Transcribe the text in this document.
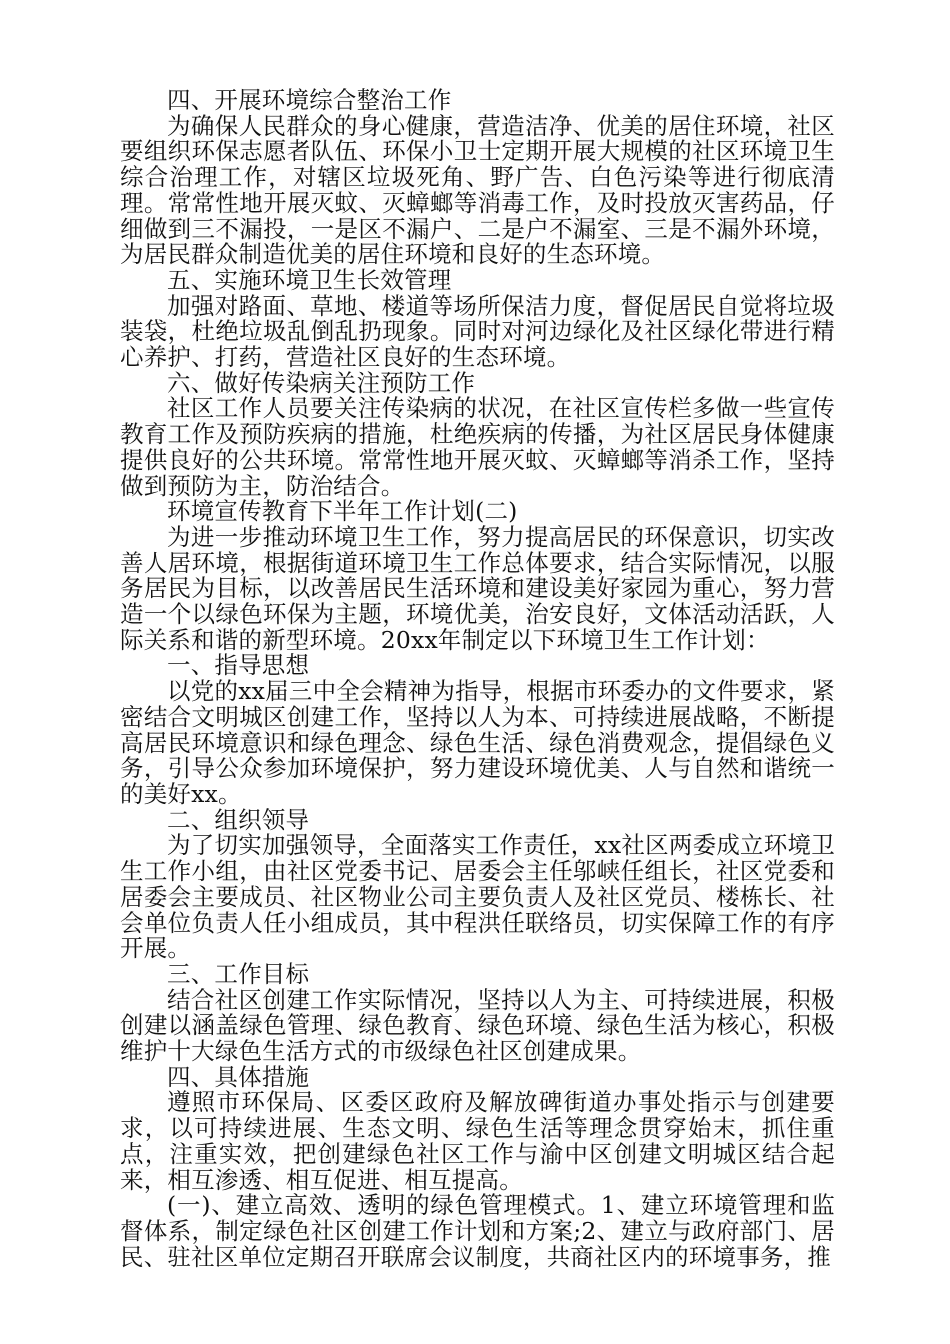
四、开展环境综合整治工作

为确保人民群众的身心健康，营造洁净、优美的居住环境，社区要组织环保志愿者队伍、环保小卫士定期开展大规模的社区环境卫生综合治理工作，对辖区垃圾死角、野广告、白色污染等进行彻底清理。常常性地开展灭蚊、灭蟑螂等消毒工作，及时投放灭害药品，仔细做到三不漏投，一是区不漏户、二是户不漏室、三是不漏外环境，为居民群众制造优美的居住环境和良好的生态环境。

五、实施环境卫生长效管理

加强对路面、草地、楼道等场所保洁力度，督促居民自觉将垃圾装袋，杜绝垃圾乱倒乱扔现象。同时对河边绿化及社区绿化带进行精心养护、打药，营造社区良好的生态环境。

六、做好传染病关注预防工作

社区工作人员要关注传染病的状况，在社区宣传栏多做一些宣传教育工作及预防疾病的措施，杜绝疾病的传播，为社区居民身体健康提供良好的公共环境。常常性地开展灭蚊、灭蟑螂等消杀工作，坚持做到预防为主，防治结合。

环境宣传教育下半年工作计划(二)

为进一步推动环境卫生工作，努力提高居民的环保意识，切实改善人居环境，根据街道环境卫生工作总体要求，结合实际情况，以服务居民为目标，以改善居民生活环境和建设美好家园为重心，努力营造一个以绿色环保为主题，环境优美，治安良好，文体活动活跃，人际关系和谐的新型环境。20xx年制定以下环境卫生工作计划：

一、指导思想

以党的xx届三中全会精神为指导，根据市环委办的文件要求，紧密结合文明城区创建工作，坚持以人为本、可持续进展战略，不断提高居民环境意识和绿色理念、绿色生活、绿色消费观念，提倡绿色义务，引导公众参加环境保护，努力建设环境优美、人与自然和谐统一的美好xx。

二、组织领导

为了切实加强领导，全面落实工作责任，xx社区两委成立环境卫生工作小组，由社区党委书记、居委会主任邬峡任组长，社区党委和居委会主要成员、社区物业公司主要负责人及社区党员、楼栋长、社会单位负责人任小组成员，其中程洪任联络员，切实保障工作的有序开展。

三、工作目标

结合社区创建工作实际情况，坚持以人为主、可持续进展，积极创建以涵盖绿色管理、绿色教育、绿色环境、绿色生活为核心，积极维护十大绿色生活方式的市级绿色社区创建成果。

四、具体措施

遵照市环保局、区委区政府及解放碑街道办事处指示与创建要求，以可持续进展、生态文明、绿色生活等理念贯穿始末，抓住重点，注重实效，把创建绿色社区工作与渝中区创建文明城区结合起来，相互渗透、相互促进、相互提高。

(一)、建立高效、透明的绿色管理模式。1、建立环境管理和监督体系，制定绿色社区创建工作计划和方案;2、建立与政府部门、居民、驻社区单位定期召开联席会议制度，共商社区内的环境事务，推
